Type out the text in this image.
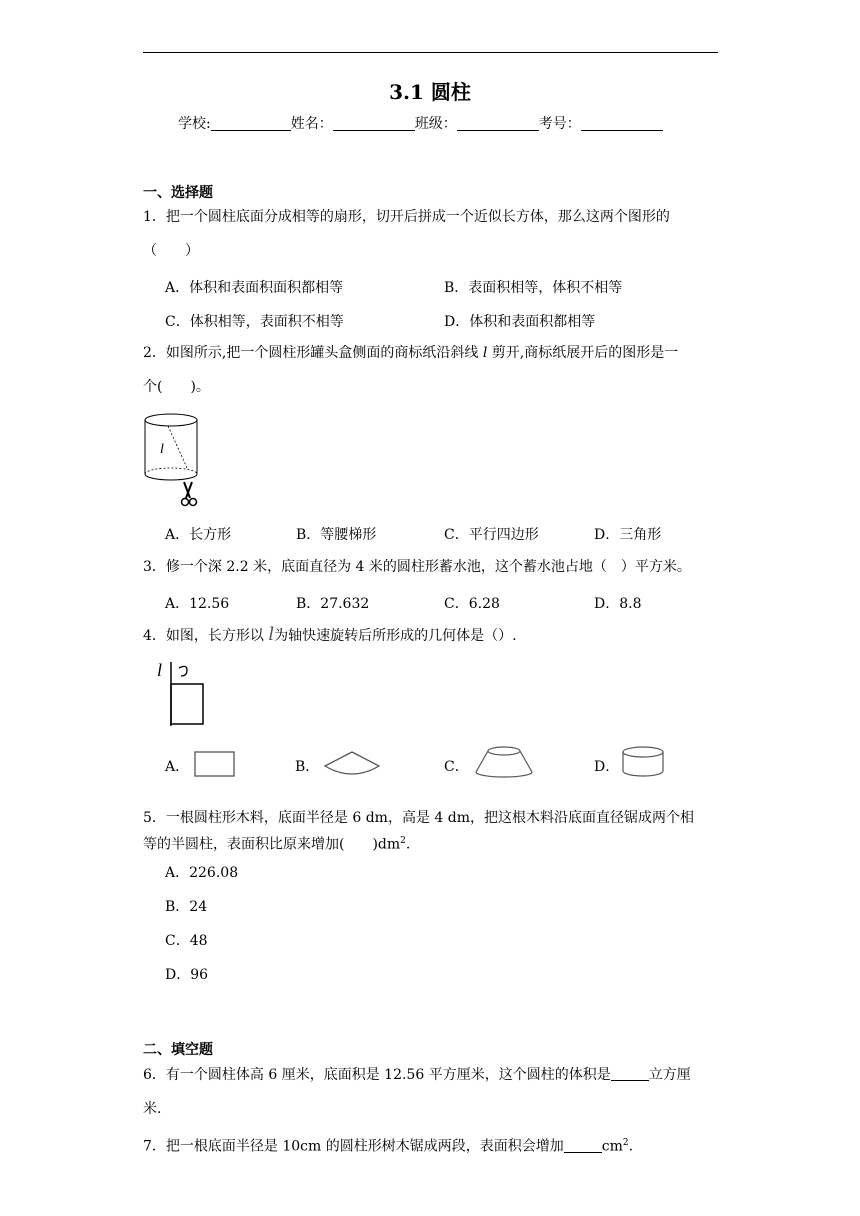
3.1 圆柱
学校:	姓名：	班级：	考号：
一、选择题
1．把一个圆柱底面分成相等的扇形，切开后拼成一个近似长方体，那么这两个图形的
（　　）
A．体积和表面积面积都相等	B．表面积相等，体积不相等
C．体积相等，表面积不相等	D．体积和表面积都相等
2．如图所示,把一个圆柱形罐头盒侧面的商标纸沿斜线 l 剪开,商标纸展开后的图形是一
个(　　)。
l
A．长方形	B．等腰梯形	C．平行四边形	D．三角形
3．修一个深 2.2 米，底面直径为 4 米的圆柱形蓄水池，这个蓄水池占地（　）平方米。
A．12.56	B．27.632	C．6.28	D．8.8
4．如图，长方形以 l为轴快速旋转后所形成的几何体是（）.
l
A．	B．	C．	D．
5．一根圆柱形木料，底面半径是 6 dm，高是 4 dm，把这根木料沿底面直径锯成两个相
等的半圆柱，表面积比原来增加(　　)$dm^2$.
A．226.08
B．24
C．48
D．96
二、填空题
6．有一个圆柱体高 6 厘米，底面积是 12.56 平方厘米，这个圆柱的体积是	立方厘
米.
7．把一根底面半径是 10cm 的圆柱形树木锯成两段，表面积会增加	$cm^2$.
